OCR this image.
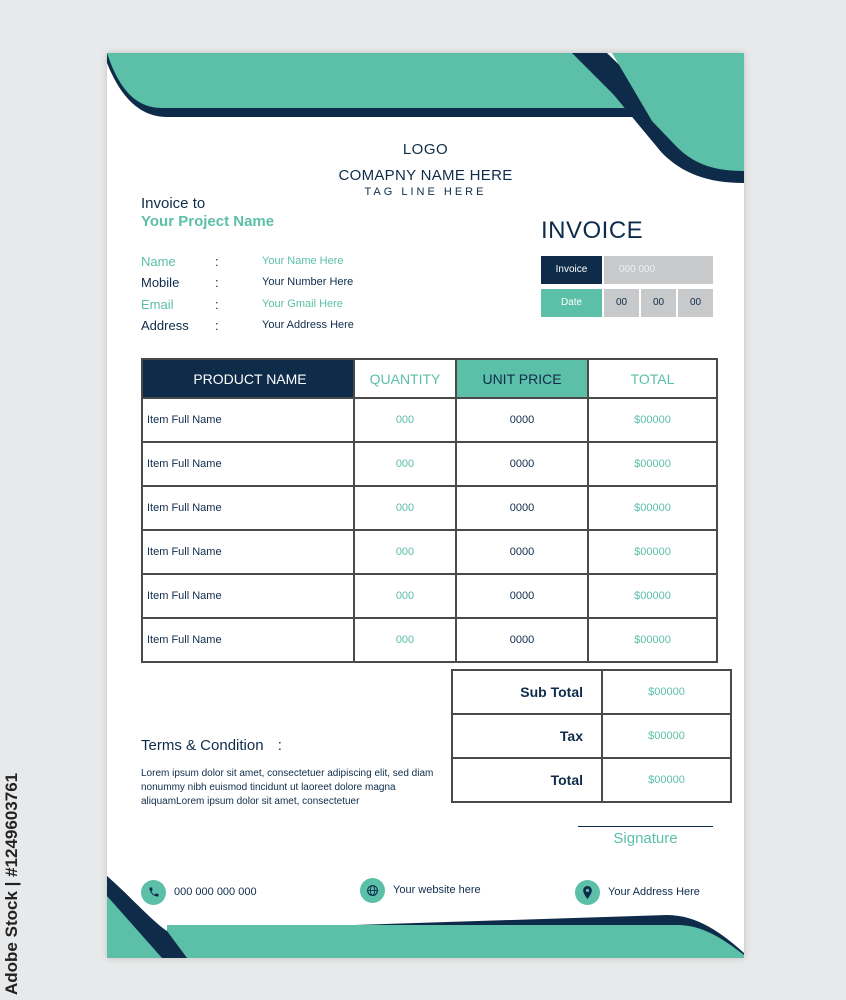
LOGO
COMAPNY NAME HERE
TAG LINE HERE
Invoice to
Your Project Name
Name	:	Your Name Here
Mobile	:	Your Number Here
Email	:	Your Gmail Here
Address :	Your Address Here
INVOICE
Invoice	000 000
Date	00	00	00
PRODUCT NAME	QUANTITY	UNIT PRICE	TOTAL
Item Full Name	000	0000	$00000
Item Full Name	000	0000	$00000
Item Full Name	000	0000	$00000
Item Full Name	000	0000	$00000
Item Full Name	000	0000	$00000
Item Full Name	000	0000	$00000
Sub Total	$00000
Tax	$00000
Total	$00000
Terms & Condition :
Lorem ipsum dolor sit amet, consectetuer adipiscing elit, sed diam nonummy nibh euismod tincidunt ut laoreet dolore magna aliquamLorem ipsum dolor sit amet, consectetuer
Signature
000 000 000 000	Your website here	Your Address Here
Adobe Stock | #1249603761
